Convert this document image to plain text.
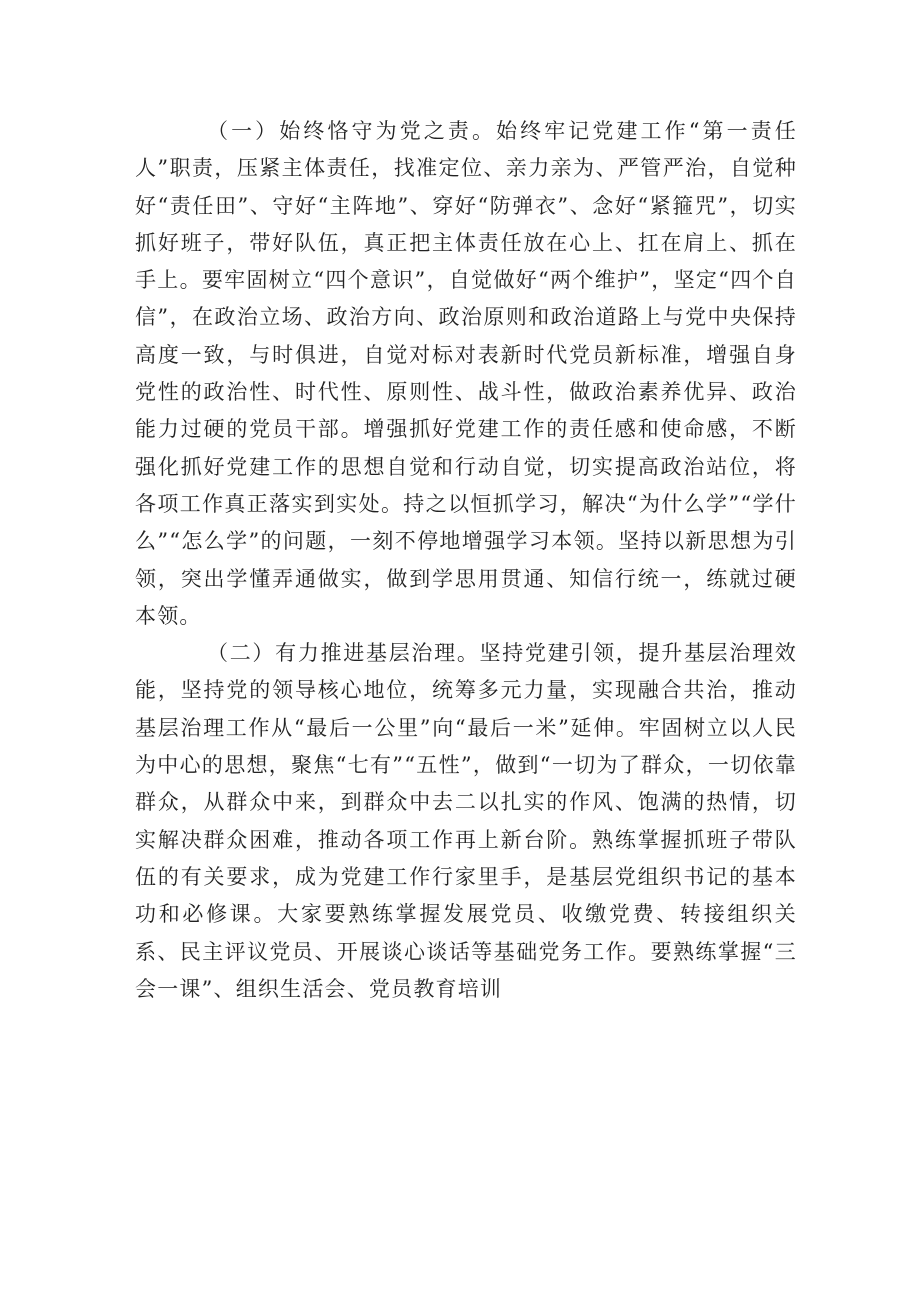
（一）始终恪守为党之责。始终牢记党建工作“第一责任人”职责，压紧主体责任，找准定位、亲力亲为、严管严治，自觉种好“责任田”、守好“主阵地”、穿好“防弹衣”、念好“紧箍咒”，切实抓好班子，带好队伍，真正把主体责任放在心上、扛在肩上、抓在手上。要牢固树立“四个意识”，自觉做好“两个维护”，坚定“四个自信”，在政治立场、政治方向、政治原则和政治道路上与党中央保持高度一致，与时俱进，自觉对标对表新时代党员新标准，增强自身党性的政治性、时代性、原则性、战斗性，做政治素养优异、政治能力过硬的党员干部。增强抓好党建工作的责任感和使命感，不断强化抓好党建工作的思想自觉和行动自觉，切实提高政治站位，将各项工作真正落实到实处。持之以恒抓学习，解决“为什么学”“学什么”“怎么学”的问题，一刻不停地增强学习本领。坚持以新思想为引领，突出学懂弄通做实，做到学思用贯通、知信行统一，练就过硬本领。

（二）有力推进基层治理。坚持党建引领，提升基层治理效能，坚持党的领导核心地位，统筹多元力量，实现融合共治，推动基层治理工作从“最后一公里”向“最后一米”延伸。牢固树立以人民为中心的思想，聚焦“七有”“五性”，做到“一切为了群众，一切依靠群众，从群众中来，到群众中去二以扎实的作风、饱满的热情，切实解决群众困难，推动各项工作再上新台阶。熟练掌握抓班子带队伍的有关要求，成为党建工作行家里手，是基层党组织书记的基本功和必修课。大家要熟练掌握发展党员、收缴党费、转接组织关系、民主评议党员、开展谈心谈话等基础党务工作。要熟练掌握“三会一课”、组织生活会、党员教育培训
